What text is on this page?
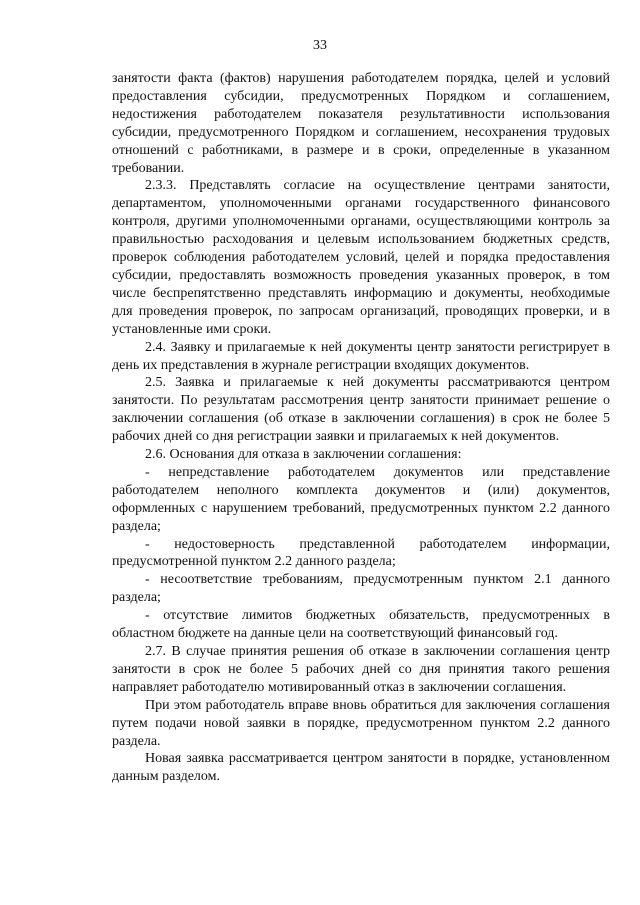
33

занятости факта (фактов) нарушения работодателем порядка, целей и условий предоставления субсидии, предусмотренных Порядком и соглашением, недостижения работодателем показателя результативности использования субсидии, предусмотренного Порядком и соглашением, несохранения трудовых отношений с работниками, в размере и в сроки, определенные в указанном требовании.

2.3.3. Представлять согласие на осуществление центрами занятости, департаментом, уполномоченными органами государственного финансового контроля, другими уполномоченными органами, осуществляющими контроль за правильностью расходования и целевым использованием бюджетных средств, проверок соблюдения работодателем условий, целей и порядка предоставления субсидии, предоставлять возможность проведения указанных проверок, в том числе беспрепятственно представлять информацию и документы, необходимые для проведения проверок, по запросам организаций, проводящих проверки, и в установленные ими сроки.

2.4. Заявку и прилагаемые к ней документы центр занятости регистрирует в день их представления в журнале регистрации входящих документов.

2.5. Заявка и прилагаемые к ней документы рассматриваются центром занятости. По результатам рассмотрения центр занятости принимает решение о заключении соглашения (об отказе в заключении соглашения) в срок не более 5 рабочих дней со дня регистрации заявки и прилагаемых к ней документов.

2.6. Основания для отказа в заключении соглашения:

- непредставление работодателем документов или представление работодателем неполного комплекта документов и (или) документов, оформленных с нарушением требований, предусмотренных пунктом 2.2 данного раздела;

- недостоверность представленной работодателем информации, предусмотренной пунктом 2.2 данного раздела;

- несоответствие требованиям, предусмотренным пунктом 2.1 данного раздела;

- отсутствие лимитов бюджетных обязательств, предусмотренных в областном бюджете на данные цели на соответствующий финансовый год.

2.7. В случае принятия решения об отказе в заключении соглашения центр занятости в срок не более 5 рабочих дней со дня принятия такого решения направляет работодателю мотивированный отказ в заключении соглашения.

При этом работодатель вправе вновь обратиться для заключения соглашения путем подачи новой заявки в порядке, предусмотренном пунктом 2.2 данного раздела.

Новая заявка рассматривается центром занятости в порядке, установленном данным разделом.
